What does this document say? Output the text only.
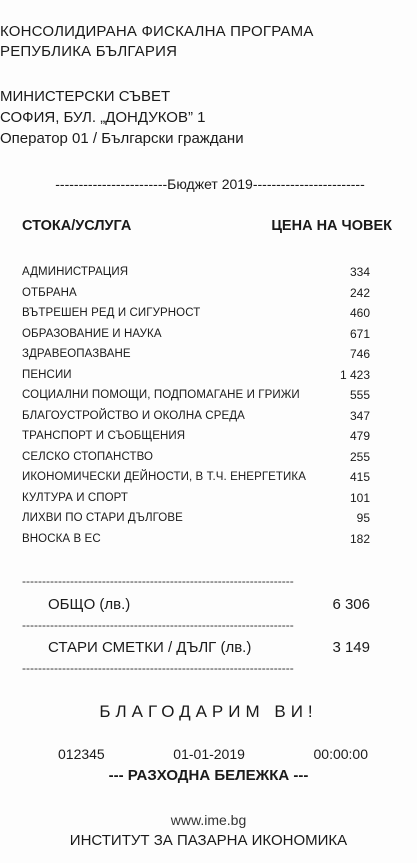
КОНСОЛИДИРАНА ФИСКАЛНА ПРОГРАМА
РЕПУБЛИКА БЪЛГАРИЯ
МИНИСТЕРСКИ СЪВЕТ
СОФИЯ, БУЛ. „ДОНДУКОВ” 1
Оператор 01 / Български граждани
------------------------Бюджет 2019------------------------
СТОКА/УСЛУГА	ЦЕНА НА ЧОВЕК
АДМИНИСТРАЦИЯ	334
ОТБРАНА	242
ВЪТРЕШЕН РЕД И СИГУРНОСТ	460
ОБРАЗОВАНИЕ И НАУКА	671
ЗДРАВЕОПАЗВАНЕ	746
ПЕНСИИ	1 423
СОЦИАЛНИ ПОМОЩИ, ПОДПОМАГАНЕ И ГРИЖИ	555
БЛАГОУСТРОЙСТВО И ОКОЛНА СРЕДА	347
ТРАНСПОРТ И СЪОБЩЕНИЯ	479
СЕЛСКО СТОПАНСТВО	255
ИКОНОМИЧЕСКИ ДЕЙНОСТИ, В Т.Ч. ЕНЕРГЕТИКА	415
КУЛТУРА И СПОРТ	101
ЛИХВИ ПО СТАРИ ДЪЛГОВЕ	95
ВНОСКА В ЕС	182
--------------------------------------------------------------------
ОБЩО (лв.)	6 306
--------------------------------------------------------------------
СТАРИ СМЕТКИ / ДЪЛГ (лв.)	3 149
--------------------------------------------------------------------
БЛАГОДАРИМ ВИ!
012345	01-01-2019	00:00:00
--- РАЗХОДНА БЕЛЕЖКА ---
www.ime.bg
ИНСТИТУТ ЗА ПАЗАРНА ИКОНОМИКА
